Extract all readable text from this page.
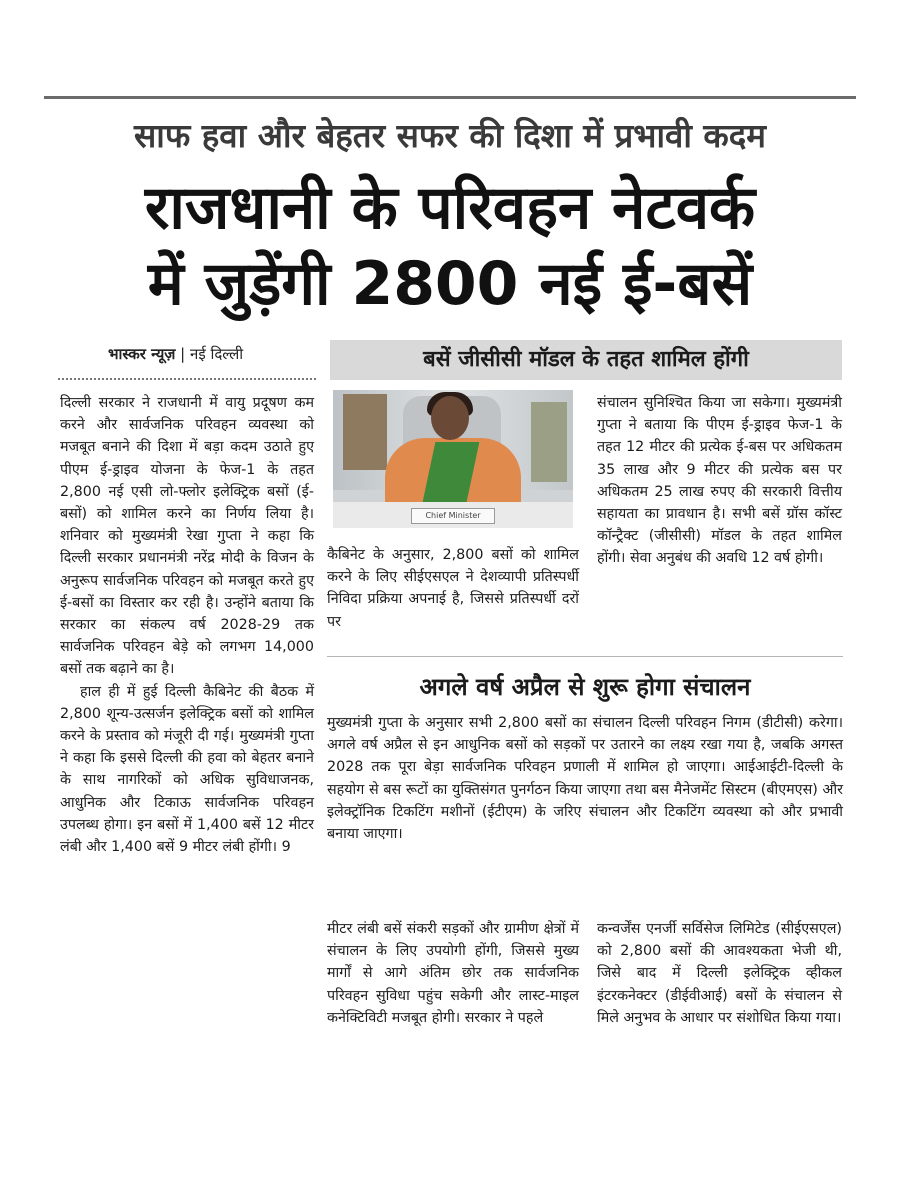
साफ हवा और बेहतर सफर की दिशा में प्रभावी कदम
राजधानी के परिवहन नेटवर्क
में जुड़ेंगी 2800 नई ई-बसें
भास्कर न्यूज़ | नई दिल्ली	बसें जीसीसी मॉडल के तहत शामिल होंगी

दिल्ली सरकार ने राजधानी में वायु प्रदूषण कम करने और सार्वजनिक परिवहन व्यवस्था को मजबूत बनाने की दिशा में बड़ा कदम उठाते हुए पीएम ई-ड्राइव योजना के फेज-1 के तहत 2,800 नई एसी लो-फ्लोर इलेक्ट्रिक बसों (ई-बसों) को शामिल करने का निर्णय लिया है। शनिवार को मुख्यमंत्री रेखा गुप्ता ने कहा कि दिल्ली सरकार प्रधानमंत्री नरेंद्र मोदी के विजन के अनुरूप सार्वजनिक परिवहन को मजबूत करते हुए ई-बसों का विस्तार कर रही है। उन्होंने बताया कि सरकार का संकल्प वर्ष 2028-29 तक सार्वजनिक परिवहन बेड़े को लगभग 14,000 बसों तक बढ़ाने का है।

हाल ही में हुई दिल्ली कैबिनेट की बैठक में 2,800 शून्य-उत्सर्जन इलेक्ट्रिक बसों को शामिल करने के प्रस्ताव को मंजूरी दी गई। मुख्यमंत्री गुप्ता ने कहा कि इससे दिल्ली की हवा को बेहतर बनाने के साथ नागरिकों को अधिक सुविधाजनक, आधुनिक और टिकाऊ सार्वजनिक परिवहन उपलब्ध होगा। इन बसों में 1,400 बसें 12 मीटर लंबी और 1,400 बसें 9 मीटर लंबी होंगी। 9

Chief Minister

कैबिनेट के अनुसार, 2,800 बसों को शामिल करने के लिए सीईएसएल ने देशव्यापी प्रतिस्पर्धी निविदा प्रक्रिया अपनाई है, जिससे प्रतिस्पर्धी दरों पर

संचालन सुनिश्चित किया जा सकेगा। मुख्यमंत्री गुप्ता ने बताया कि पीएम ई-ड्राइव फेज-1 के तहत 12 मीटर की प्रत्येक ई-बस पर अधिकतम 35 लाख और 9 मीटर की प्रत्येक बस पर अधिकतम 25 लाख रुपए की सरकारी वित्तीय सहायता का प्रावधान है। सभी बसें ग्रॉस कॉस्ट कॉन्ट्रैक्ट (जीसीसी) मॉडल के तहत शामिल होंगी। सेवा अनुबंध की अवधि 12 वर्ष होगी।

अगले वर्ष अप्रैल से शुरू होगा संचालन

मुख्यमंत्री गुप्ता के अनुसार सभी 2,800 बसों का संचालन दिल्ली परिवहन निगम (डीटीसी) करेगा। अगले वर्ष अप्रैल से इन आधुनिक बसों को सड़कों पर उतारने का लक्ष्य रखा गया है, जबकि अगस्त 2028 तक पूरा बेड़ा सार्वजनिक परिवहन प्रणाली में शामिल हो जाएगा। आईआईटी-दिल्ली के सहयोग से बस रूटों का युक्तिसंगत पुनर्गठन किया जाएगा तथा बस मैनेजमेंट सिस्टम (बीएमएस) और इलेक्ट्रॉनिक टिकटिंग मशीनों (ईटीएम) के जरिए संचालन और टिकटिंग व्यवस्था को और प्रभावी बनाया जाएगा।

मीटर लंबी बसें संकरी सड़कों और ग्रामीण क्षेत्रों में संचालन के लिए उपयोगी होंगी, जिससे मुख्य मार्गों से आगे अंतिम छोर तक सार्वजनिक परिवहन सुविधा पहुंच सकेगी और लास्ट-माइल कनेक्टिविटी मजबूत होगी। सरकार ने पहले

कन्वर्जेंस एनर्जी सर्विसेज लिमिटेड (सीईएसएल) को 2,800 बसों की आवश्यकता भेजी थी, जिसे बाद में दिल्ली इलेक्ट्रिक व्हीकल इंटरकनेक्टर (डीईवीआई) बसों के संचालन से मिले अनुभव के आधार पर संशोधित किया गया।
